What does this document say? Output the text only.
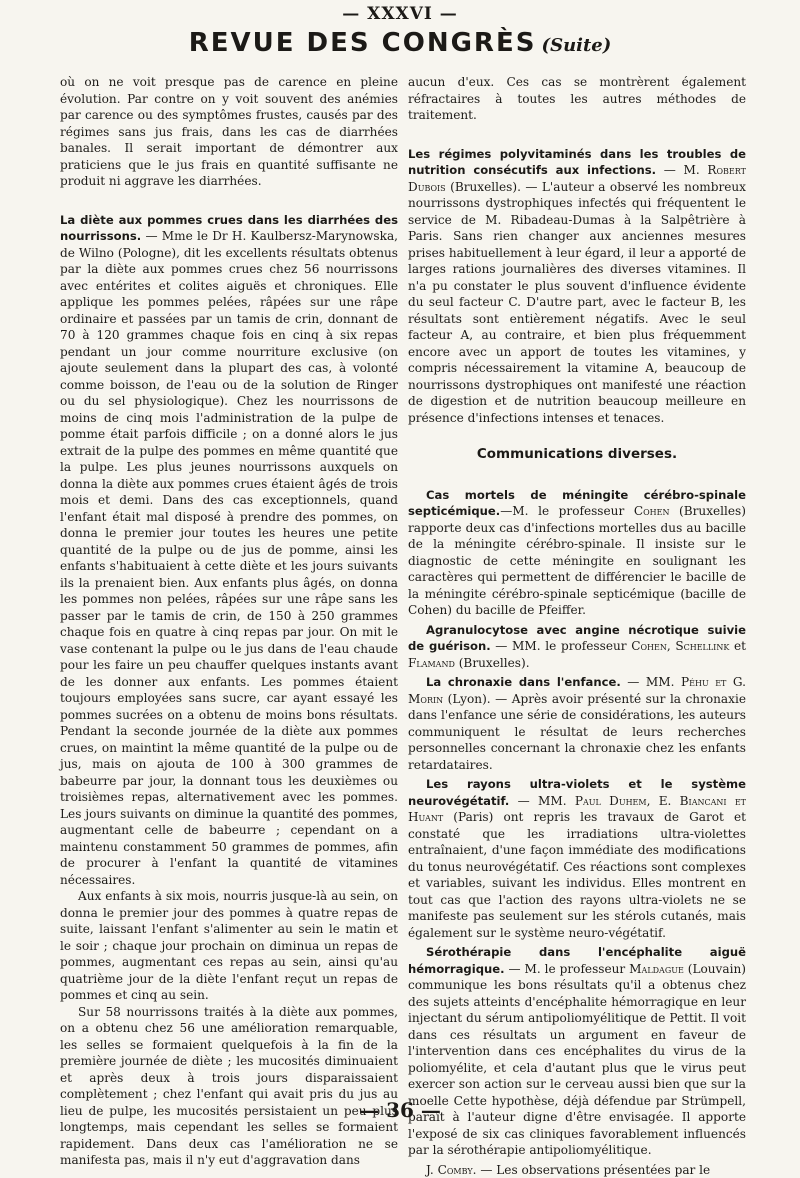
— XXXVI —
REVUE DES CONGRÈS (Suite)

où on ne voit presque pas de carence en pleine évolution. Par contre on y voit souvent des anémies par carence ou des symptômes frustes, causés par des régimes sans jus frais, dans les cas de diarrhées banales. Il serait important de démontrer aux praticiens que le jus frais en quantité suffisante ne produit ni aggrave les diarrhées.

La diète aux pommes crues dans les diarrhées des nourrissons. — Mme le Dr H. Kaulbersz-Marynowska, de Wilno (Pologne), dit les excellents résultats obtenus par la diète aux pommes crues chez 56 nourrissons avec entérites et colites aiguës et chroniques. Elle applique les pommes pelées, râpées sur une râpe ordinaire et passées par un tamis de crin, donnant de 70 à 120 grammes chaque fois en cinq à six repas pendant un jour comme nourriture exclusive (on ajoute seulement dans la plupart des cas, à volonté comme boisson, de l'eau ou de la solution de Ringer ou du sel physiologique). Chez les nourrissons de moins de cinq mois l'administration de la pulpe de pomme était parfois difficile ; on a donné alors le jus extrait de la pulpe des pommes en même quantité que la pulpe. Les plus jeunes nourrissons auxquels on donna la diète aux pommes crues étaient âgés de trois mois et demi. Dans des cas exceptionnels, quand l'enfant était mal disposé à prendre des pommes, on donna le premier jour toutes les heures une petite quantité de la pulpe ou de jus de pomme, ainsi les enfants s'habituaient à cette diète et les jours suivants ils la prenaient bien. Aux enfants plus âgés, on donna les pommes non pelées, râpées sur une râpe sans les passer par le tamis de crin, de 150 à 250 grammes chaque fois en quatre à cinq repas par jour. On mit le vase contenant la pulpe ou le jus dans de l'eau chaude pour les faire un peu chauffer quelques instants avant de les donner aux enfants. Les pommes étaient toujours employées sans sucre, car ayant essayé les pommes sucrées on a obtenu de moins bons résultats. Pendant la seconde journée de la diète aux pommes crues, on maintint la même quantité de la pulpe ou de jus, mais on ajouta de 100 à 300 grammes de babeurre par jour, la donnant tous les deuxièmes ou troisièmes repas, alternativement avec les pommes. Les jours suivants on diminue la quantité des pommes, augmentant celle de babeurre ; cependant on a maintenu constamment 50 grammes de pommes, afin de procurer à l'enfant la quantité de vitamines nécessaires.

Aux enfants à six mois, nourris jusque-là au sein, on donna le premier jour des pommes à quatre repas de suite, laissant l'enfant s'alimenter au sein le matin et le soir ; chaque jour prochain on diminua un repas de pommes, augmentant ces repas au sein, ainsi qu'au quatrième jour de la diète l'enfant reçut un repas de pommes et cinq au sein.

Sur 58 nourrissons traités à la diète aux pommes, on a obtenu chez 56 une amélioration remarquable, les selles se formaient quelquefois à la fin de la première journée de diète ; les mucosités diminuaient et après deux à trois jours disparaissaient complètement ; chez l'enfant qui avait pris du jus au lieu de pulpe, les mucosités persistaient un peu plus longtemps, mais cependant les selles se formaient rapidement. Dans deux cas l'amélioration ne se manifesta pas, mais il n'y eut d'aggravation dans

aucun d'eux. Ces cas se montrèrent également réfractaires à toutes les autres méthodes de traitement.

Les régimes polyvitaminés dans les troubles de nutrition consécutifs aux infections. — M. Robert Dubois (Bruxelles). — L'auteur a observé les nombreux nourrissons dystrophiques infectés qui fréquentent le service de M. Ribadeau-Dumas à la Salpêtrière à Paris. Sans rien changer aux anciennes mesures prises habituellement à leur égard, il leur a apporté de larges rations journalières des diverses vitamines. Il n'a pu constater le plus souvent d'influence évidente du seul facteur C. D'autre part, avec le facteur B, les résultats sont entièrement négatifs. Avec le seul facteur A, au contraire, et bien plus fréquemment encore avec un apport de toutes les vitamines, y compris nécessairement la vitamine A, beaucoup de nourrissons dystrophiques ont manifesté une réaction de digestion et de nutrition beaucoup meilleure en présence d'infections intenses et tenaces.

Communications diverses.

Cas mortels de méningite cérébro-spinale septicémique.—M. le professeur Cohen (Bruxelles) rapporte deux cas d'infections mortelles dus au bacille de la méningite cérébro-spinale. Il insiste sur le diagnostic de cette méningite en soulignant les caractères qui permettent de différencier le bacille de la méningite cérébro-spinale septicémique (bacille de Cohen) du bacille de Pfeiffer.

Agranulocytose avec angine nécrotique suivie de guérison. — MM. le professeur Cohen, Schellink et Flamand (Bruxelles).

La chronaxie dans l'enfance. — MM. Péhu et G. Morin (Lyon). — Après avoir présenté sur la chronaxie dans l'enfance une série de considérations, les auteurs communiquent le résultat de leurs recherches personnelles concernant la chronaxie chez les enfants retardataires.

Les rayons ultra-violets et le système neurovégétatif. — MM. Paul Duhem, E. Biancani et Huant (Paris) ont repris les travaux de Garot et constaté que les irradiations ultra-violettes entraînaient, d'une façon immédiate des modifications du tonus neurovégétatif. Ces réactions sont complexes et variables, suivant les individus. Elles montrent en tout cas que l'action des rayons ultra-violets ne se manifeste pas seulement sur les stérols cutanés, mais également sur le système neuro-végétatif.

Sérothérapie dans l'encéphalite aiguë hémorragique. — M. le professeur Maldague (Louvain) communique les bons résultats qu'il a obtenus chez des sujets atteints d'encéphalite hémorragique en leur injectant du sérum antipoliomyélitique de Pettit. Il voit dans ces résultats un argument en faveur de l'intervention dans ces encéphalites du virus de la poliomyélite, et cela d'autant plus que le virus peut exercer son action sur le cerveau aussi bien que sur la moelle Cette hypothèse, déjà défendue par Strümpell, paraît à l'auteur digne d'être envisagée. Il apporte l'exposé de six cas cliniques favorablement influencés par la sérothérapie antipoliomyélitique.

J. Comby. — Les observations présentées par le

— 36 —
